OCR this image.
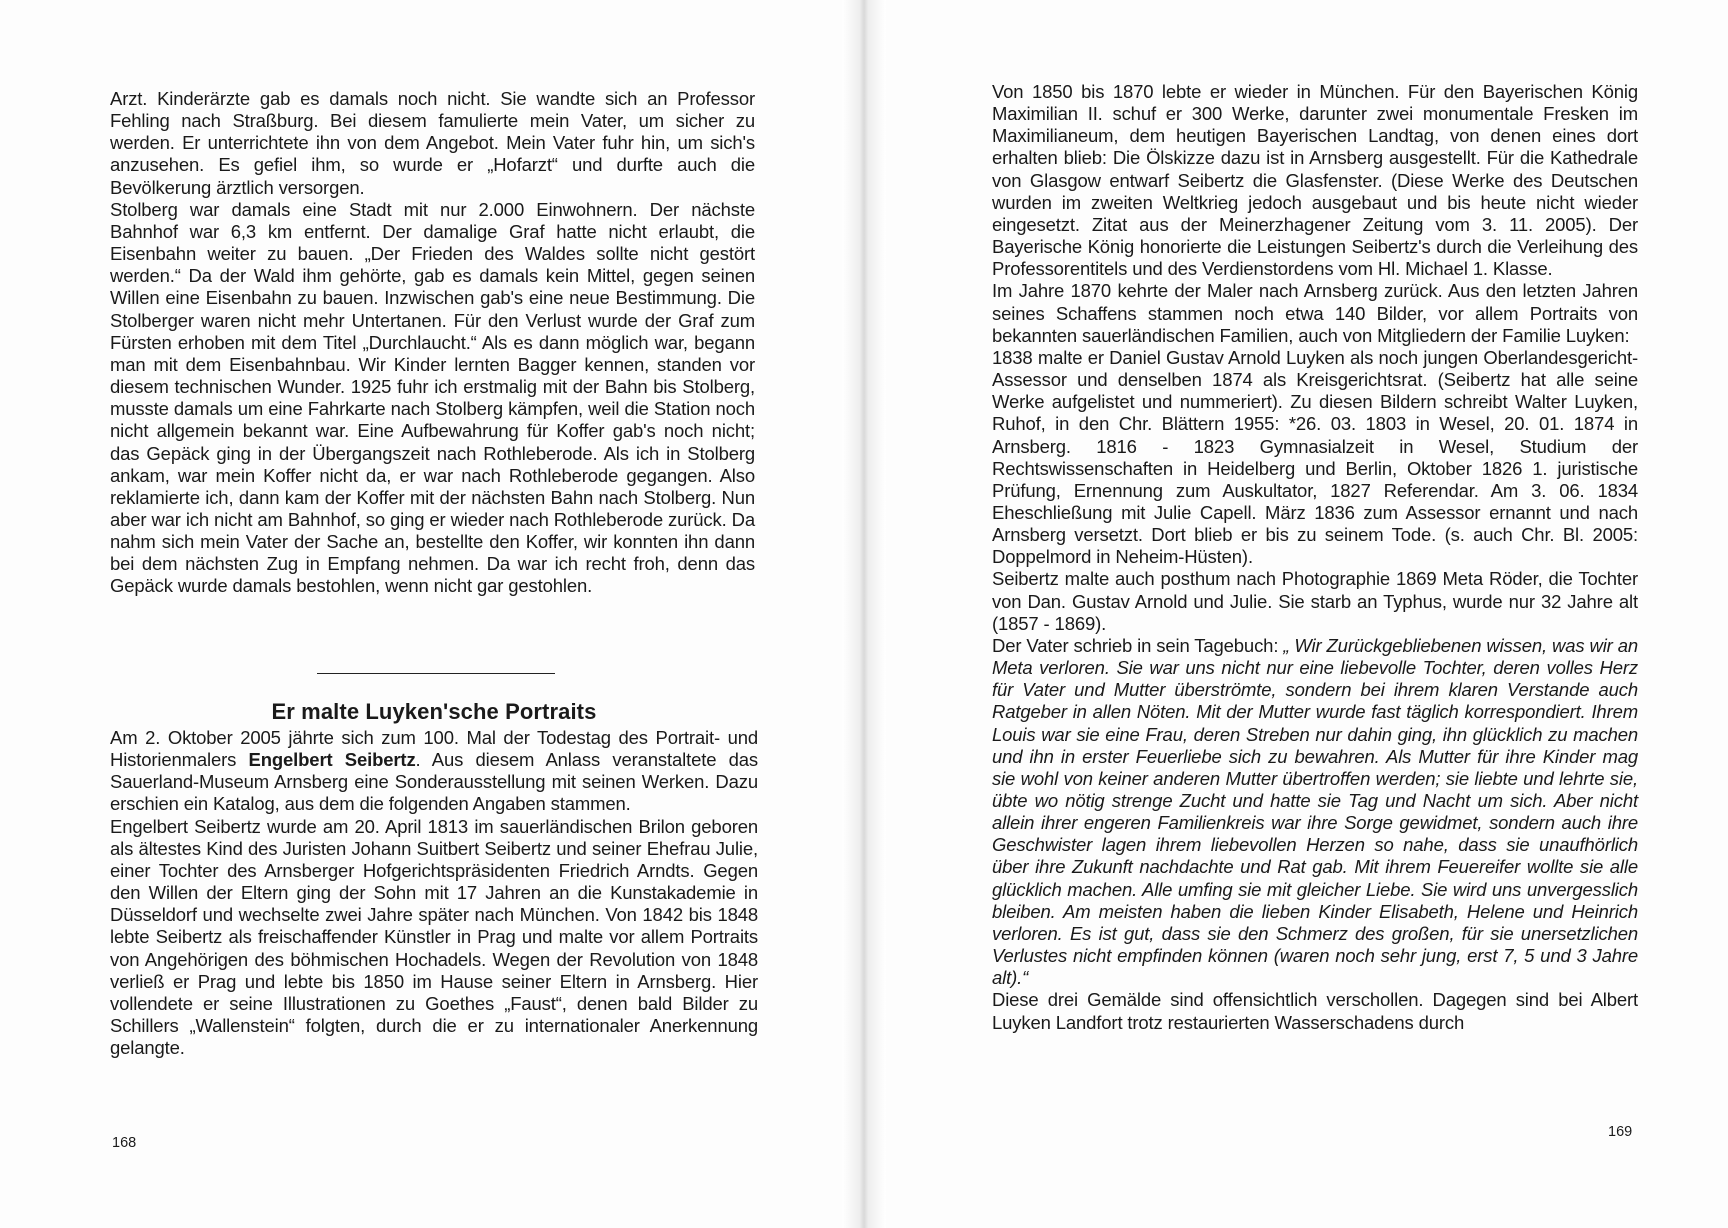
Arzt. Kinderärzte gab es damals noch nicht. Sie wandte sich an Professor Fehling nach Straßburg. Bei diesem famulierte mein Vater, um sicher zu werden. Er unterrichtete ihn von dem Angebot. Mein Vater fuhr hin, um sich's anzusehen. Es gefiel ihm, so wurde er „Hofarzt“ und durfte auch die Bevölkerung ärztlich versorgen.

Stolberg war damals eine Stadt mit nur 2.000 Einwohnern. Der nächste Bahnhof war 6,3 km entfernt. Der damalige Graf hatte nicht erlaubt, die Eisenbahn weiter zu bauen. „Der Frieden des Waldes sollte nicht gestört werden.“ Da der Wald ihm gehörte, gab es damals kein Mittel, gegen seinen Willen eine Eisenbahn zu bauen. Inzwischen gab's eine neue Bestimmung. Die Stolberger waren nicht mehr Untertanen. Für den Verlust wurde der Graf zum Fürsten erhoben mit dem Titel „Durchlaucht.“ Als es dann möglich war, begann man mit dem Eisenbahnbau. Wir Kinder lernten Bagger kennen, standen vor diesem technischen Wunder. 1925 fuhr ich erstmalig mit der Bahn bis Stolberg, musste damals um eine Fahrkarte nach Stolberg kämpfen, weil die Station noch nicht allgemein bekannt war. Eine Aufbewahrung für Koffer gab's noch nicht; das Gepäck ging in der Übergangszeit nach Rothleberode. Als ich in Stolberg ankam, war mein Koffer nicht da, er war nach Rothleberode gegangen. Also reklamierte ich, dann kam der Koffer mit der nächsten Bahn nach Stolberg. Nun aber war ich nicht am Bahnhof, so ging er wieder nach Rothleberode zurück. Da nahm sich mein Vater der Sache an, bestellte den Koffer, wir konnten ihn dann bei dem nächsten Zug in Empfang nehmen. Da war ich recht froh, denn das Gepäck wurde damals bestohlen, wenn nicht gar gestohlen.

Er malte Luyken'sche Portraits

Am 2. Oktober 2005 jährte sich zum 100. Mal der Todestag des Portrait- und Historienmalers Engelbert Seibertz. Aus diesem Anlass veranstaltete das Sauerland-Museum Arnsberg eine Sonderausstellung mit seinen Werken. Dazu erschien ein Katalog, aus dem die folgenden Angaben stammen.

Engelbert Seibertz wurde am 20. April 1813 im sauerländischen Brilon geboren als ältestes Kind des Juristen Johann Suitbert Seibertz und seiner Ehefrau Julie, einer Tochter des Arnsberger Hofgerichtspräsidenten Friedrich Arndts. Gegen den Willen der Eltern ging der Sohn mit 17 Jahren an die Kunstakademie in Düsseldorf und wechselte zwei Jahre später nach München. Von 1842 bis 1848 lebte Seibertz als freischaffender Künstler in Prag und malte vor allem Portraits von Angehörigen des böhmischen Hochadels. Wegen der Revolution von 1848 verließ er Prag und lebte bis 1850 im Hause seiner Eltern in Arnsberg. Hier vollendete er seine Illustrationen zu Goethes „Faust“, denen bald Bilder zu Schillers „Wallenstein“ folgten, durch die er zu internationaler Anerkennung gelangte.

168

Von 1850 bis 1870 lebte er wieder in München. Für den Bayerischen König Maximilian II. schuf er 300 Werke, darunter zwei monumentale Fresken im Maximilianeum, dem heutigen Bayerischen Landtag, von denen eines dort erhalten blieb: Die Ölskizze dazu ist in Arnsberg ausgestellt. Für die Kathedrale von Glasgow entwarf Seibertz die Glasfenster. (Diese Werke des Deutschen wurden im zweiten Weltkrieg jedoch ausgebaut und bis heute nicht wieder eingesetzt. Zitat aus der Meinerzhagener Zeitung vom 3. 11. 2005). Der Bayerische König honorierte die Leistungen Seibertz's durch die Verleihung des Professorentitels und des Verdienstordens vom Hl. Michael 1. Klasse.

Im Jahre 1870 kehrte der Maler nach Arnsberg zurück. Aus den letzten Jahren seines Schaffens stammen noch etwa 140 Bilder, vor allem Portraits von bekannten sauerländischen Familien, auch von Mitgliedern der Familie Luyken:

1838 malte er Daniel Gustav Arnold Luyken als noch jungen Oberlandesgericht-Assessor und denselben 1874 als Kreisgerichtsrat. (Seibertz hat alle seine Werke aufgelistet und nummeriert). Zu diesen Bildern schreibt Walter Luyken, Ruhof, in den Chr. Blättern 1955: *26. 03. 1803 in Wesel, 20. 01. 1874 in Arnsberg. 1816 - 1823 Gymnasialzeit in Wesel, Studium der Rechtswissenschaften in Heidelberg und Berlin, Oktober 1826 1. juristische Prüfung, Ernennung zum Auskultator, 1827 Referendar. Am 3. 06. 1834 Eheschließung mit Julie Capell. März 1836 zum Assessor ernannt und nach Arnsberg versetzt. Dort blieb er bis zu seinem Tode. (s. auch Chr. Bl. 2005: Doppelmord in Neheim-Hüsten).

Seibertz malte auch posthum nach Photographie 1869 Meta Röder, die Tochter von Dan. Gustav Arnold und Julie. Sie starb an Typhus, wurde nur 32 Jahre alt (1857 - 1869).

Der Vater schrieb in sein Tagebuch: „ Wir Zurückgebliebenen wissen, was wir an Meta verloren. Sie war uns nicht nur eine liebevolle Tochter, deren volles Herz für Vater und Mutter überströmte, sondern bei ihrem klaren Verstande auch Ratgeber in allen Nöten. Mit der Mutter wurde fast täglich korrespondiert. Ihrem Louis war sie eine Frau, deren Streben nur dahin ging, ihn glücklich zu machen und ihn in erster Feuerliebe sich zu bewahren. Als Mutter für ihre Kinder mag sie wohl von keiner anderen Mutter übertroffen werden; sie liebte und lehrte sie, übte wo nötig strenge Zucht und hatte sie Tag und Nacht um sich. Aber nicht allein ihrer engeren Familienkreis war ihre Sorge gewidmet, sondern auch ihre Geschwister lagen ihrem liebevollen Herzen so nahe, dass sie unaufhörlich über ihre Zukunft nachdachte und Rat gab. Mit ihrem Feuereifer wollte sie alle glücklich machen. Alle umfing sie mit gleicher Liebe. Sie wird uns unvergesslich bleiben. Am meisten haben die lieben Kinder Elisabeth, Helene und Heinrich verloren. Es ist gut, dass sie den Schmerz des großen, für sie unersetzlichen Verlustes nicht empfinden können (waren noch sehr jung, erst 7, 5 und 3 Jahre alt).“

Diese drei Gemälde sind offensichtlich verschollen. Dagegen sind bei Albert Luyken Landfort trotz restaurierten Wasserschadens durch

169
